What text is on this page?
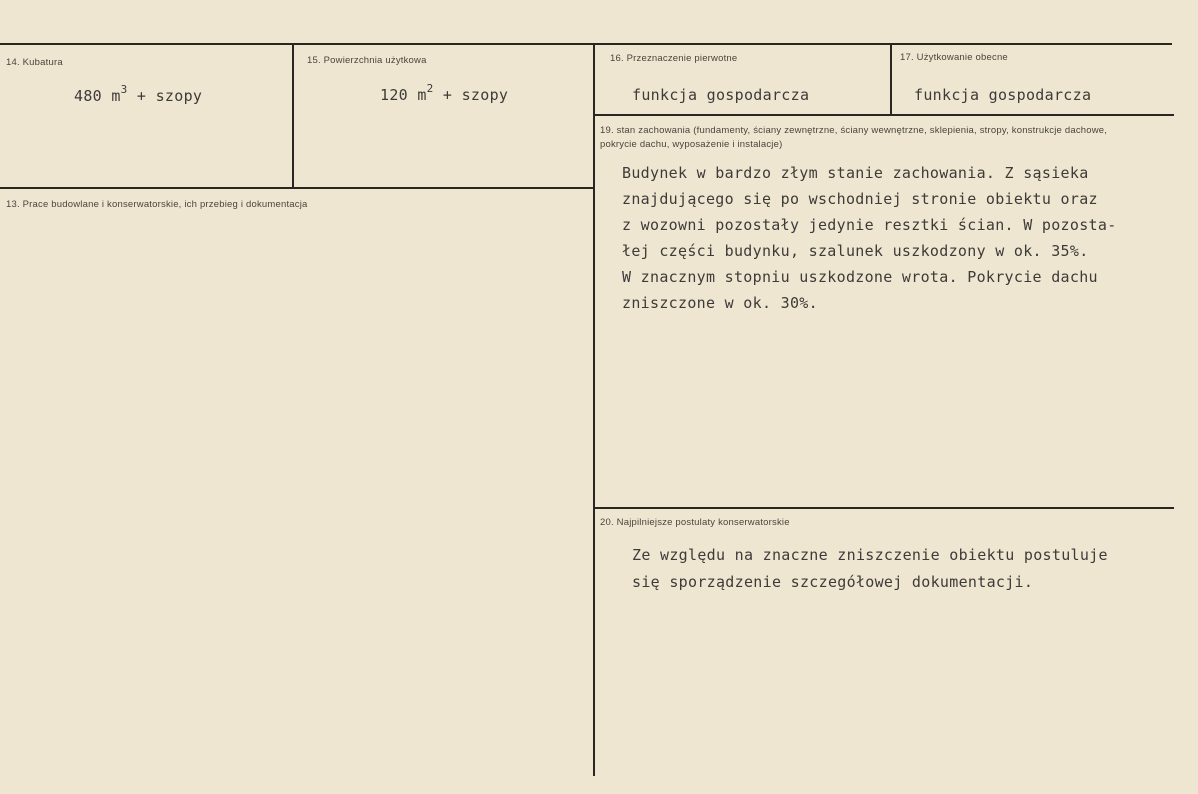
14. Kubatura
480 $m^3$ + szopy
15. Powierzchnia użytkowa
120 $m^2$ + szopy
16. Przeznaczenie pierwotne
funkcja gospodarcza
17. Użytkowanie obecne
funkcja gospodarcza
13. Prace budowlane i konserwatorskie, ich przebieg i dokumentacja
19. stan zachowania (fundamenty, ściany zewnętrzne, ściany wewnętrzne, sklepienia, stropy, konstrukcje dachowe, pokrycie dachu, wyposażenie i instalacje)
Budynek w bardzo złym stanie zachowania. Z sąsieka
znajdującego się po wschodniej stronie obiektu oraz
z wozowni pozostały jedynie resztki ścian. W pozosta-
łej części budynku, szalunek uszkodzony w ok. 35%.
W znacznym stopniu uszkodzone wrota. Pokrycie dachu
zniszczone w ok. 30%.
20. Najpilniejsze postulaty konserwatorskie
Ze względu na znaczne zniszczenie obiektu postuluje
się sporządzenie szczegółowej dokumentacji.
